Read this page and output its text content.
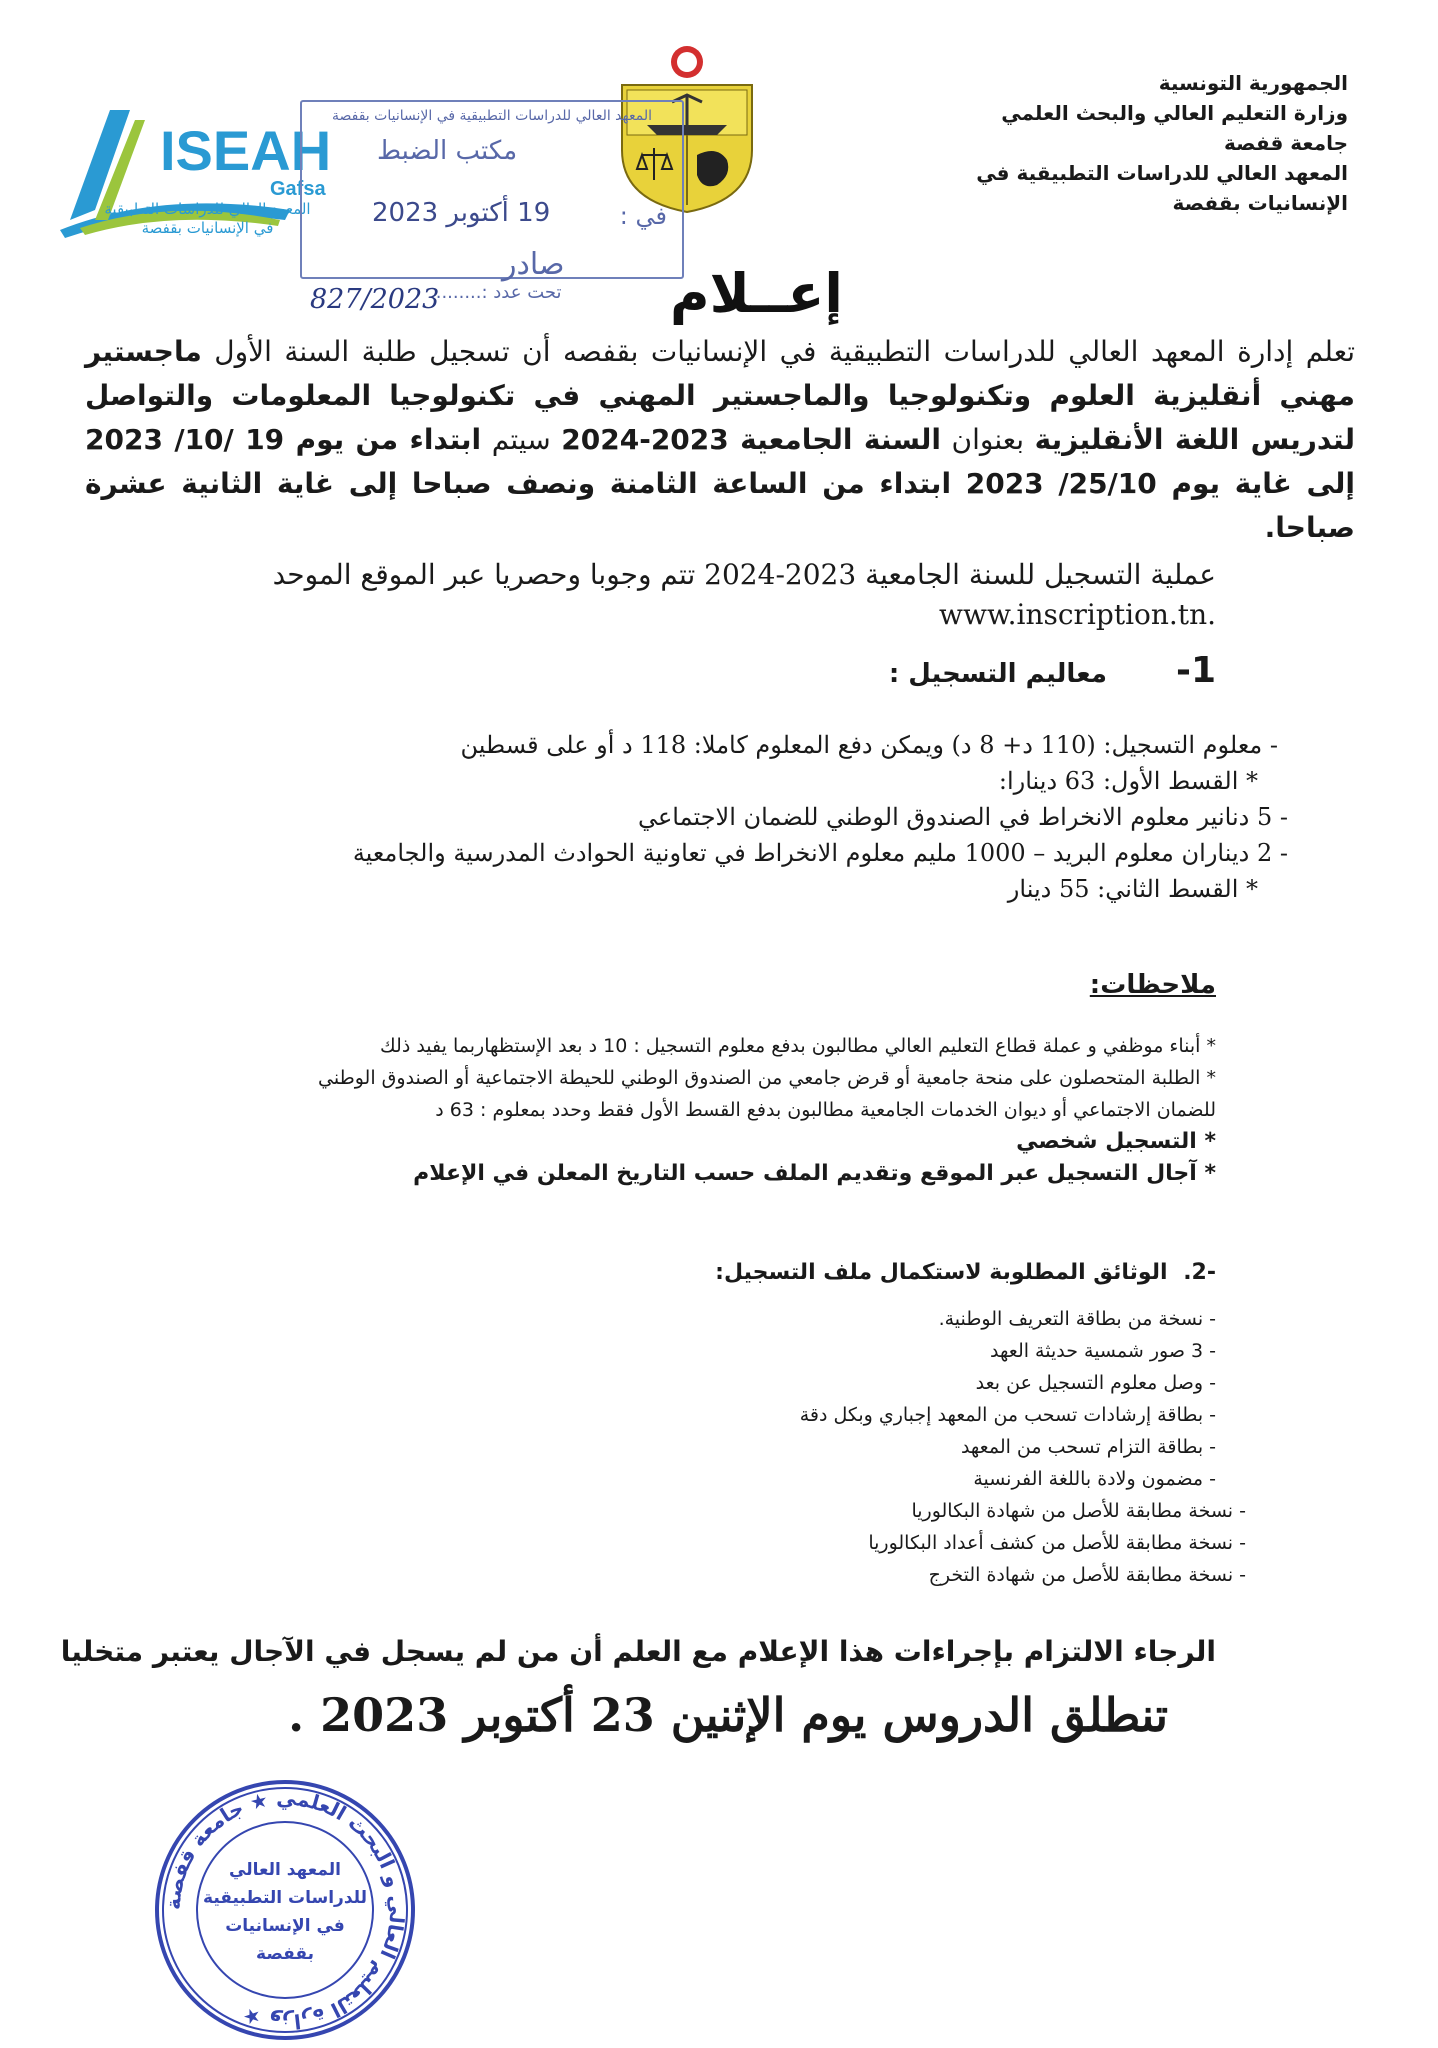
الجمهورية التونسية
وزارة التعليم العالي والبحث العلمي
جامعة قفصة
المعهد العالي للدراسات التطبيقية في
الإنسانيات بقفصة
ISEAH
Gafsa
المعهد العالي للدراسات التطبيقية
في الإنسانيات بقفصة
المعهد العالي للدراسات التطبيقية في الإنسانيات بقفصة
مكتب الضبط
في :
19 أكتوبر 2023
صادر
تحت عدد :.........
827/2023	إعــلام
تعلم إدارة المعهد العالي للدراسات التطبيقية في الإنسانيات بقفصه أن تسجيل طلبة السنة الأول ماجستير مهني أنقليزية العلوم وتكنولوجيا والماجستير المهني في تكنولوجيا المعلومات والتواصل لتدريس اللغة الأنقليزية بعنوان السنة الجامعية 2023-2024 سيتم ابتداء من يوم 19 /10/ 2023 إلى غاية يوم 25/10/ 2023 ابتداء من الساعة الثامنة ونصف صباحا إلى غاية الثانية عشرة صباحا.
عملية التسجيل للسنة الجامعية 2023-2024 تتم وجوبا وحصريا عبر الموقع الموحد
www.inscription.tn.
1- معاليم التسجيل :
- معلوم التسجيل: (110 د+ 8 د) ويمكن دفع المعلوم كاملا: 118 د أو على قسطين
* القسط الأول: 63 دينارا:
- 5 دنانير معلوم الانخراط في الصندوق الوطني للضمان الاجتماعي
- 2 ديناران معلوم البريد – 1000 مليم معلوم الانخراط في تعاونية الحوادث المدرسية والجامعية
* القسط الثاني: 55 دينار
ملاحظات:
* أبناء موظفي و عملة قطاع التعليم العالي مطالبون بدفع معلوم التسجيل : 10 د بعد الإستظهاربما يفيد ذلك
* الطلبة المتحصلون على منحة جامعية أو قرض جامعي من الصندوق الوطني للحيطة الاجتماعية أو الصندوق الوطني
للضمان الاجتماعي أو ديوان الخدمات الجامعية مطالبون بدفع القسط الأول فقط وحدد بمعلوم : 63 د
* التسجيل شخصي
* آجال التسجيل عبر الموقع وتقديم الملف حسب التاريخ المعلن في الإعلام
-2. الوثائق المطلوبة لاستكمال ملف التسجيل:
- نسخة من بطاقة التعريف الوطنية.
- 3 صور شمسية حديثة العهد
- وصل معلوم التسجيل عن بعد
- بطاقة إرشادات تسحب من المعهد إجباري وبكل دقة
- بطاقة التزام تسحب من المعهد
- مضمون ولادة باللغة الفرنسية
- نسخة مطابقة للأصل من شهادة البكالوريا
- نسخة مطابقة للأصل من كشف أعداد البكالوريا
- نسخة مطابقة للأصل من شهادة التخرج
الرجاء الالتزام بإجراءات هذا الإعلام مع العلم أن من لم يسجل في الآجال يعتبر متخليا
تنطلق الدروس يوم الإثنين 23 أكتوبر 2023 .
وزارة التعليم العالي و البحث العلمي ★ جامعة قفصة ★
المعهد العالي
للدراسات التطبيقية
في الإنسانيات
بقفصة
